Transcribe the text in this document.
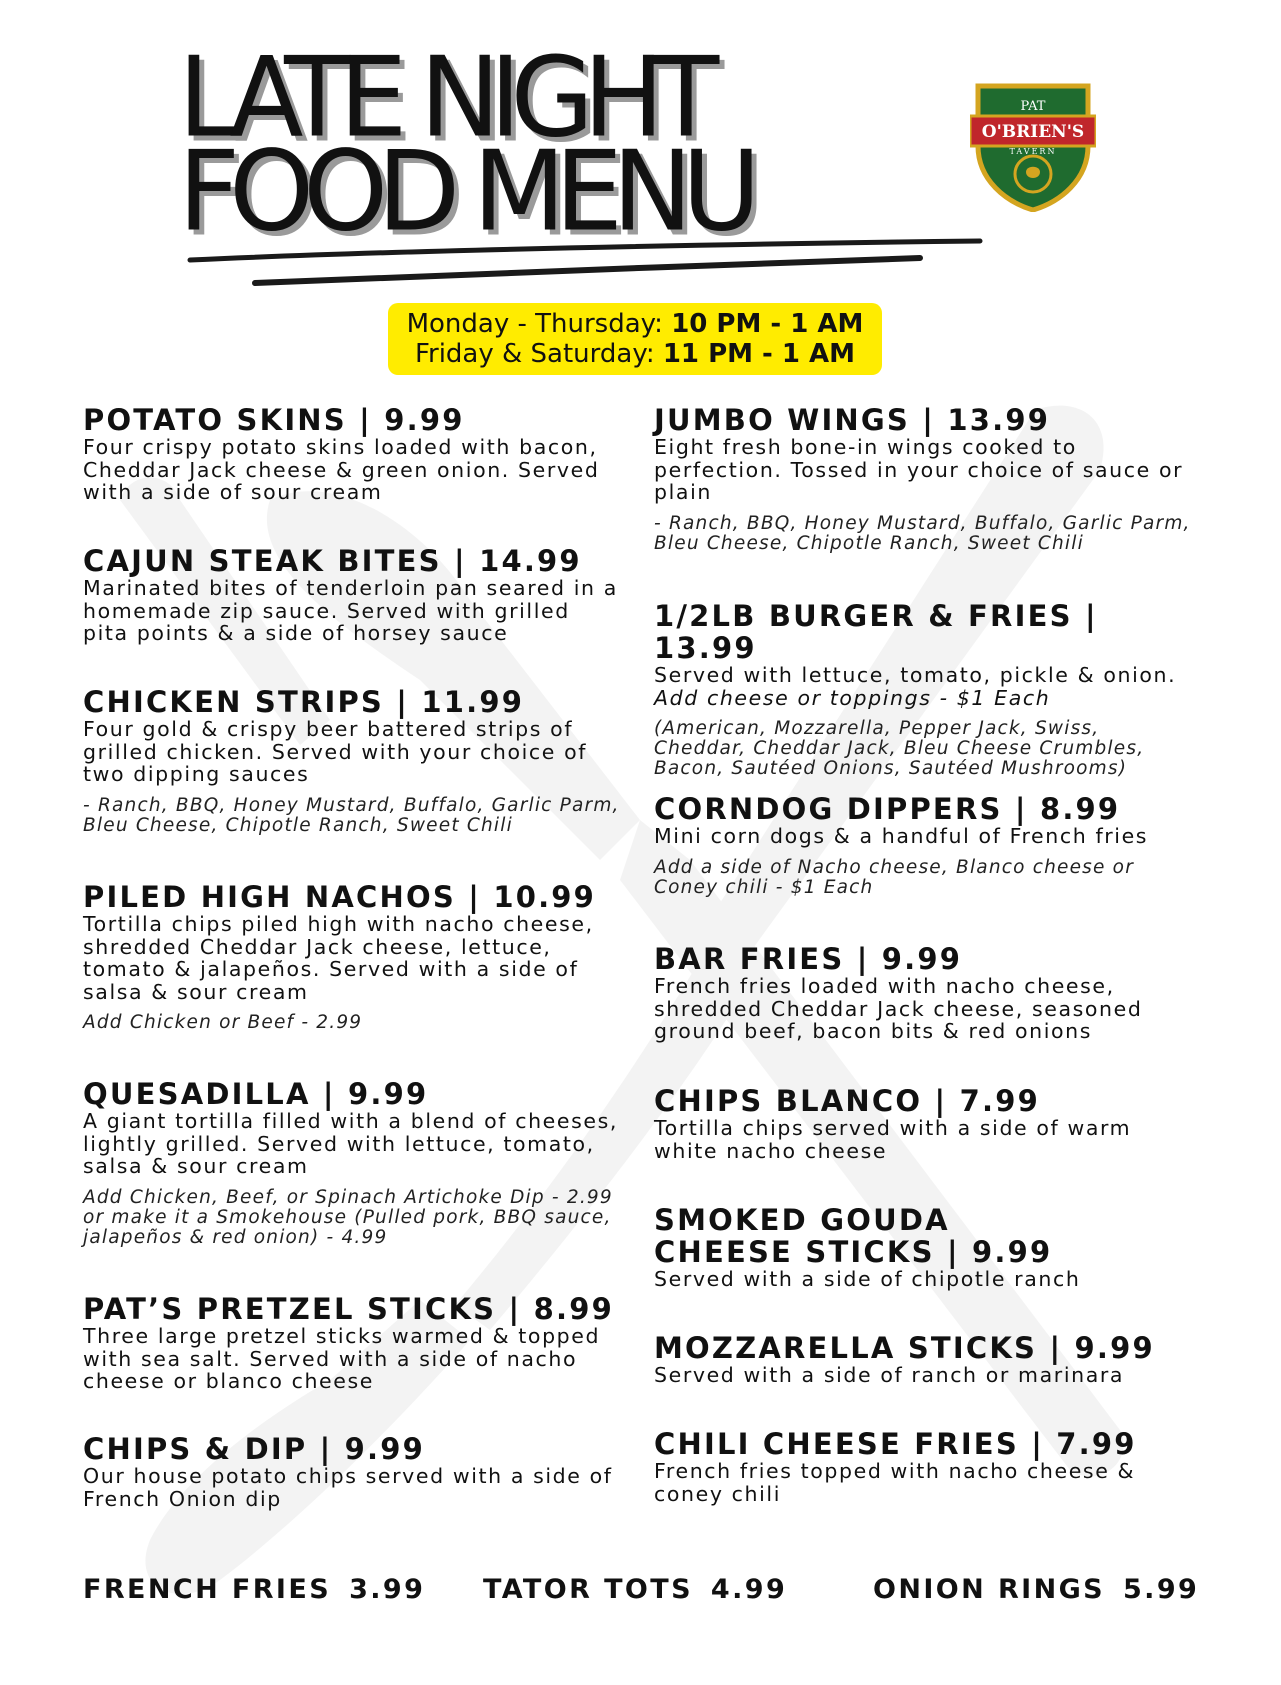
LATE NIGHT
FOOD MENU
PAT
O'BRIEN'S
TAVERN
Monday - Thursday: 10 PM - 1 AM
Friday & Saturday: 11 PM - 1 AM
POTATO SKINS | 9.99

Four crispy potato skins loaded with bacon, Cheddar Jack cheese & green onion. Served with a side of sour cream

CAJUN STEAK BITES | 14.99

Marinated bites of tenderloin pan seared in a homemade zip sauce. Served with grilled pita points & a side of horsey sauce

CHICKEN STRIPS | 11.99

Four gold & crispy beer battered strips of grilled chicken. Served with your choice of two dipping sauces

- Ranch, BBQ, Honey Mustard, Buffalo, Garlic Parm, Bleu Cheese, Chipotle Ranch, Sweet Chili

PILED HIGH NACHOS | 10.99

Tortilla chips piled high with nacho cheese, shredded Cheddar Jack cheese, lettuce, tomato & jalapeños. Served with a side of salsa & sour cream

Add Chicken or Beef - 2.99

QUESADILLA | 9.99

A giant tortilla filled with a blend of cheeses, lightly grilled. Served with lettuce, tomato, salsa & sour cream

Add Chicken, Beef, or Spinach Artichoke Dip - 2.99 or make it a Smokehouse (Pulled pork, BBQ sauce, jalapeños & red onion) - 4.99

PAT’S PRETZEL STICKS | 8.99

Three large pretzel sticks warmed & topped with sea salt. Served with a side of nacho cheese or blanco cheese

CHIPS & DIP | 9.99

Our house potato chips served with a side of French Onion dip

JUMBO WINGS | 13.99

Eight fresh bone-in wings cooked to perfection. Tossed in your choice of sauce or plain

- Ranch, BBQ, Honey Mustard, Buffalo, Garlic Parm, Bleu Cheese, Chipotle Ranch, Sweet Chili

1/2LB BURGER & FRIES | 13.99

Served with lettuce, tomato, pickle & onion. Add cheese or toppings - $1 Each

(American, Mozzarella, Pepper Jack, Swiss, Cheddar, Cheddar Jack, Bleu Cheese Crumbles, Bacon, Sautéed Onions, Sautéed Mushrooms)

CORNDOG DIPPERS | 8.99

Mini corn dogs & a handful of French fries

Add a side of Nacho cheese, Blanco cheese or Coney chili - $1 Each

BAR FRIES | 9.99

French fries loaded with nacho cheese, shredded Cheddar Jack cheese, seasoned ground beef, bacon bits & red onions

CHIPS BLANCO | 7.99

Tortilla chips served with a side of warm white nacho cheese

SMOKED GOUDA
CHEESE STICKS | 9.99

Served with a side of chipotle ranch

MOZZARELLA STICKS | 9.99

Served with a side of ranch or marinara

CHILI CHEESE FRIES | 7.99

French fries topped with nacho cheese & coney chili

FRENCH FRIES 3.99 TATOR TOTS 4.99	ONION RINGS 5.99
